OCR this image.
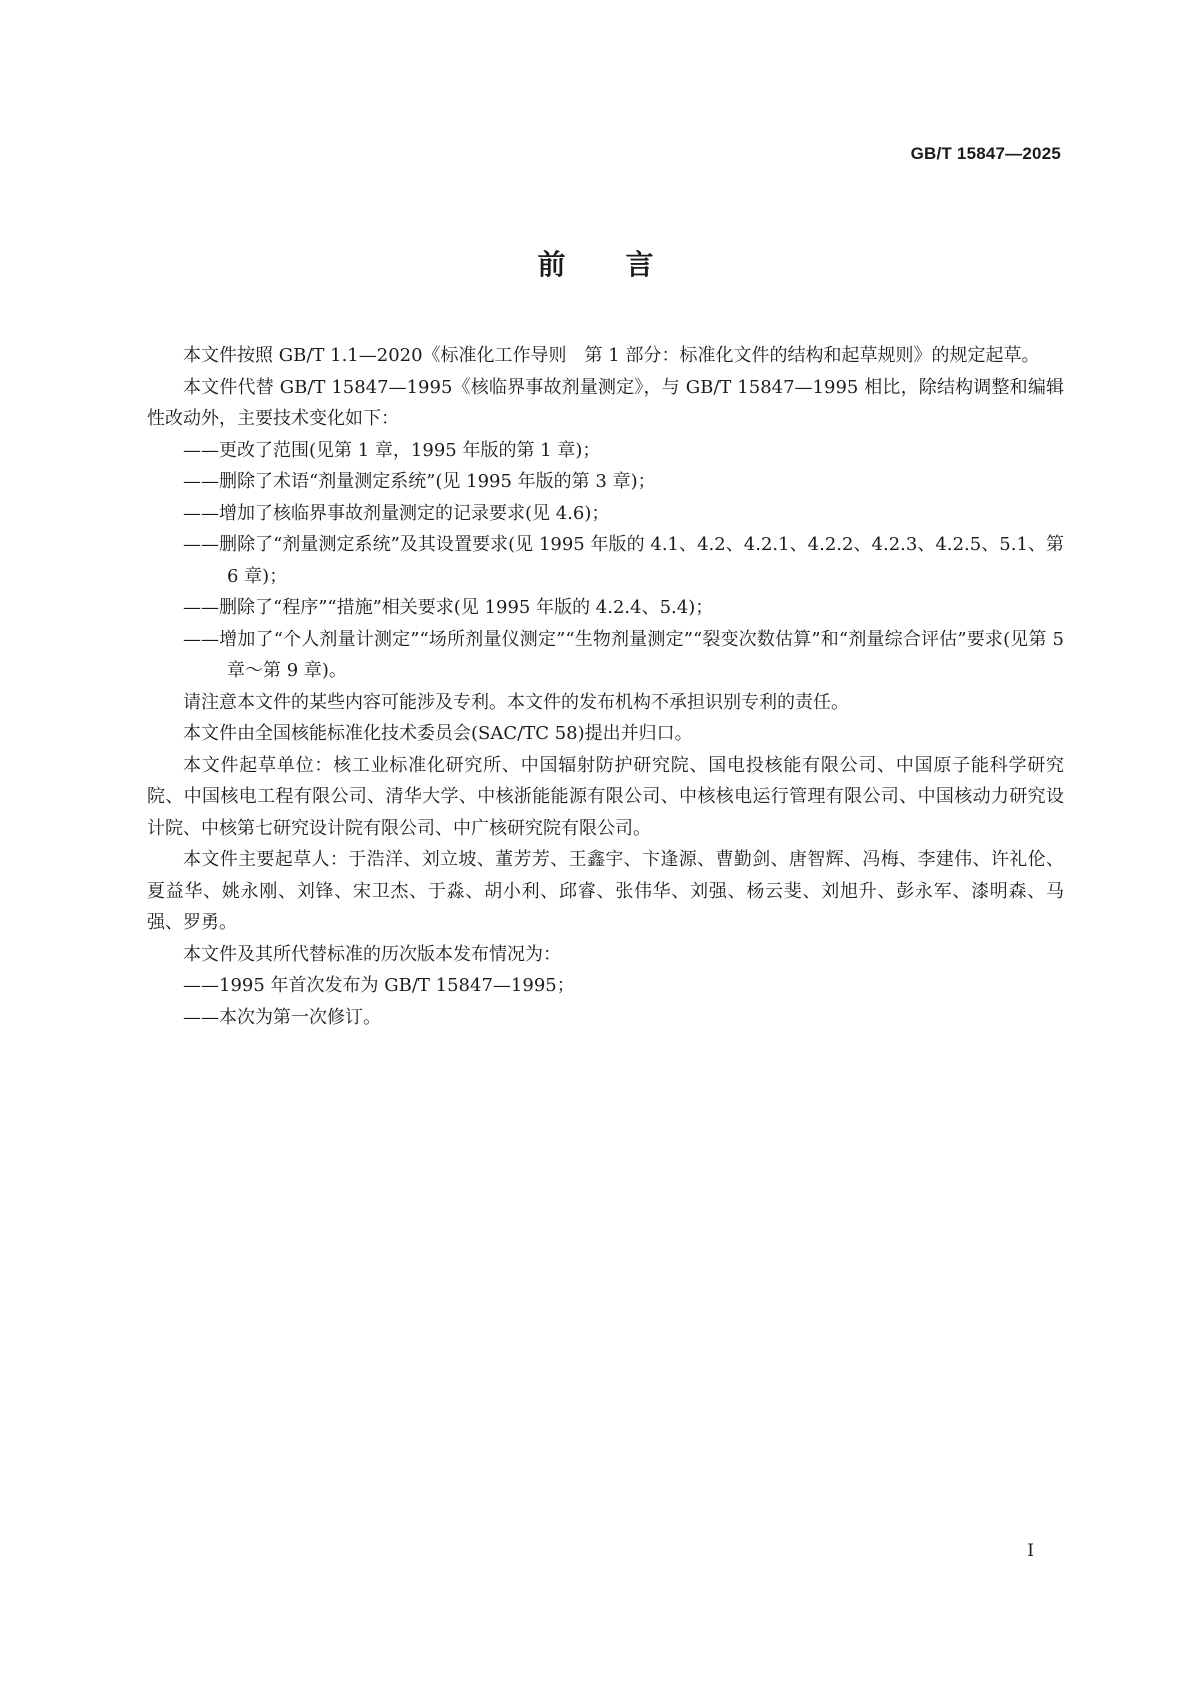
GB/T 15847—2025
前言

本文件按照 GB/T 1.1—2020《标准化工作导则　第 1 部分：标准化文件的结构和起草规则》的规定起草。

本文件代替 GB/T 15847—1995《核临界事故剂量测定》，与 GB/T 15847—1995 相比，除结构调整和编辑性改动外，主要技术变化如下：

——更改了范围(见第 1 章，1995 年版的第 1 章)；

——删除了术语“剂量测定系统”(见 1995 年版的第 3 章)；

——增加了核临界事故剂量测定的记录要求(见 4.6)；

——删除了“剂量测定系统”及其设置要求(见 1995 年版的 4.1、4.2、4.2.1、4.2.2、4.2.3、4.2.5、5.1、第 6 章)；

——删除了“程序”“措施”相关要求(见 1995 年版的 4.2.4、5.4)；

——增加了“个人剂量计测定”“场所剂量仪测定”“生物剂量测定”“裂变次数估算”和“剂量综合评估”要求(见第 5 章～第 9 章)。

请注意本文件的某些内容可能涉及专利。本文件的发布机构不承担识别专利的责任。

本文件由全国核能标准化技术委员会(SAC/TC 58)提出并归口。

本文件起草单位：核工业标准化研究所、中国辐射防护研究院、国电投核能有限公司、中国原子能科学研究院、中国核电工程有限公司、清华大学、中核浙能能源有限公司、中核核电运行管理有限公司、中国核动力研究设计院、中核第七研究设计院有限公司、中广核研究院有限公司。

本文件主要起草人：于浩洋、刘立坡、董芳芳、王鑫宇、卞逢源、曹勤剑、唐智辉、冯梅、李建伟、许礼伦、夏益华、姚永刚、刘锋、宋卫杰、于淼、胡小利、邱睿、张伟华、刘强、杨云斐、刘旭升、彭永军、漆明森、马强、罗勇。

本文件及其所代替标准的历次版本发布情况为：

——1995 年首次发布为 GB/T 15847—1995；

——本次为第一次修订。

I
